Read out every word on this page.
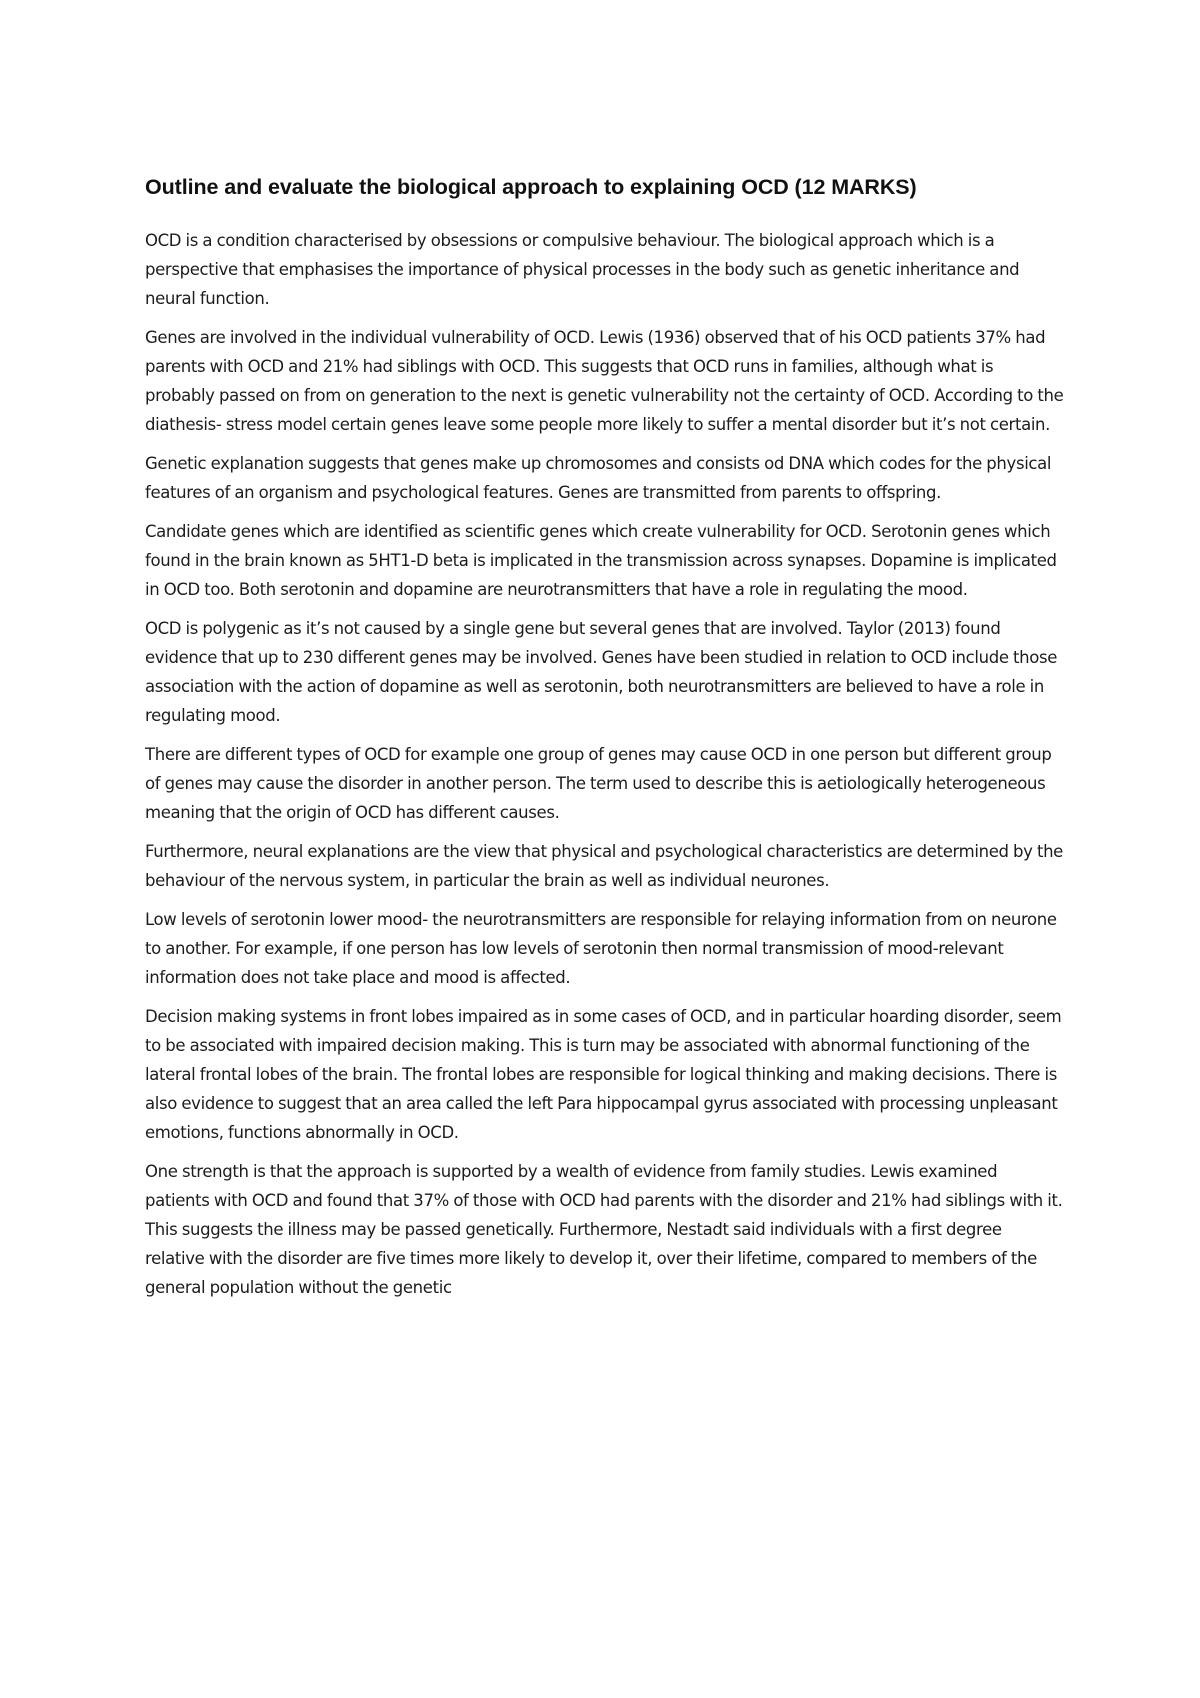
Outline and evaluate the biological approach to explaining OCD (12 MARKS)

OCD is a condition characterised by obsessions or compulsive behaviour. The biological approach which is a perspective that emphasises the importance of physical processes in the body such as genetic inheritance and neural function.

Genes are involved in the individual vulnerability of OCD. Lewis (1936) observed that of his OCD patients 37% had parents with OCD and 21% had siblings with OCD. This suggests that OCD runs in families, although what is probably passed on from on generation to the next is genetic vulnerability not the certainty of OCD. According to the diathesis- stress model certain genes leave some people more likely to suffer a mental disorder but it’s not certain.

Genetic explanation suggests that genes make up chromosomes and consists od DNA which codes for the physical features of an organism and psychological features. Genes are transmitted from parents to offspring.

Candidate genes which are identified as scientific genes which create vulnerability for OCD. Serotonin genes which found in the brain known as 5HT1-D beta is implicated in the transmission across synapses. Dopamine is implicated in OCD too. Both serotonin and dopamine are neurotransmitters that have a role in regulating the mood.

OCD is polygenic as it’s not caused by a single gene but several genes that are involved. Taylor (2013) found evidence that up to 230 different genes may be involved. Genes have been studied in relation to OCD include those association with the action of dopamine as well as serotonin, both neurotransmitters are believed to have a role in regulating mood.

There are different types of OCD for example one group of genes may cause OCD in one person but different group of genes may cause the disorder in another person. The term used to describe this is aetiologically heterogeneous meaning that the origin of OCD has different causes.

Furthermore, neural explanations are the view that physical and psychological characteristics are determined by the behaviour of the nervous system, in particular the brain as well as individual neurones.

Low levels of serotonin lower mood- the neurotransmitters are responsible for relaying information from on neurone to another. For example, if one person has low levels of serotonin then normal transmission of mood-relevant information does not take place and mood is affected.

Decision making systems in front lobes impaired as in some cases of OCD, and in particular hoarding disorder, seem to be associated with impaired decision making. This is turn may be associated with abnormal functioning of the lateral frontal lobes of the brain. The frontal lobes are responsible for logical thinking and making decisions. There is also evidence to suggest that an area called the left Para hippocampal gyrus associated with processing unpleasant emotions, functions abnormally in OCD.

One strength is that the approach is supported by a wealth of evidence from family studies. Lewis examined patients with OCD and found that 37% of those with OCD had parents with the disorder and 21% had siblings with it. This suggests the illness may be passed genetically. Furthermore, Nestadt said individuals with a first degree relative with the disorder are five times more likely to develop it, over their lifetime, compared to members of the general population without the genetic
